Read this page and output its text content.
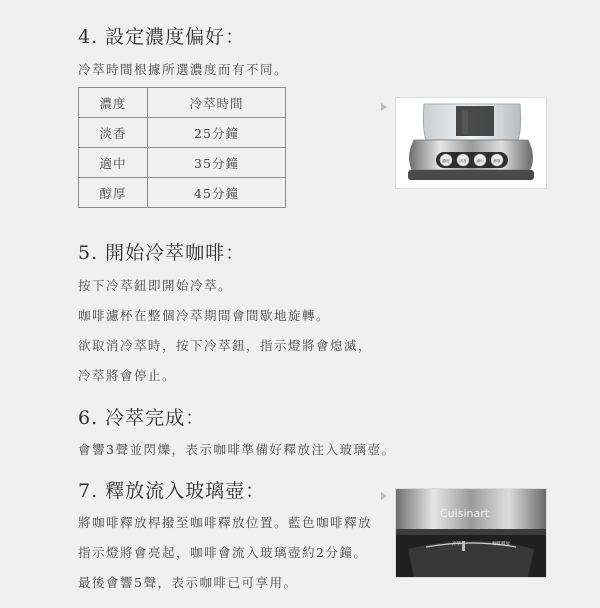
4. 設定濃度偏好：
冷萃時間根據所選濃度而有不同。
濃度	冷萃時間
淡香	25分鐘
適中	35分鐘
醇厚	45分鐘
濃度	淡香	適中	醇厚
5. 開始冷萃咖啡：
按下冷萃鈕即開始冷萃。
咖啡濾杯在整個冷萃期間會間歇地旋轉。
欲取消冷萃時，按下冷萃鈕，指示燈將會熄滅，
冷萃將會停止。
6. 冷萃完成：
會響3聲並閃爍，表示咖啡準備好釋放注入玻璃壺。
7. 釋放流入玻璃壺：
將咖啡釋放桿撥至咖啡釋放位置。藍色咖啡釋放
指示燈將會亮起，咖啡會流入玻璃壺約2分鐘。
最後會響5聲，表示咖啡已可享用。
Cuisinart
冷萃	咖啡釋放
